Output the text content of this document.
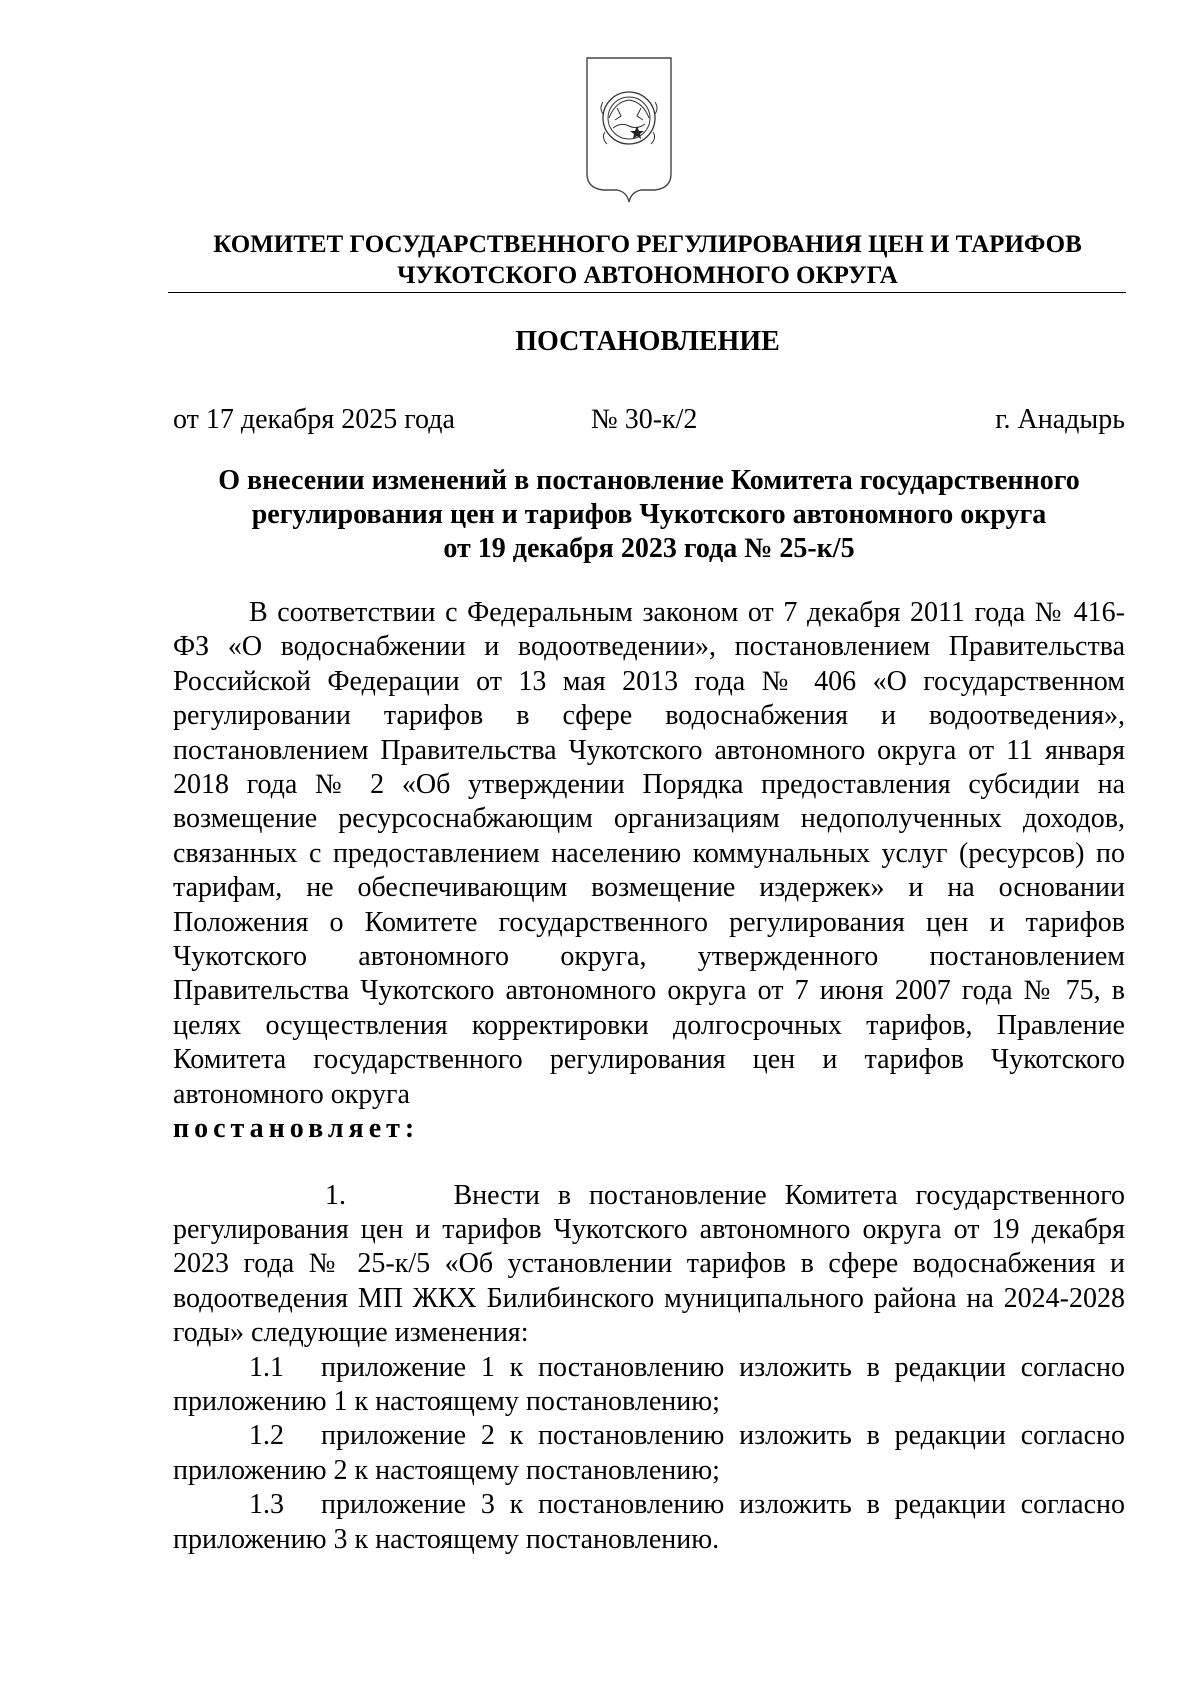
КОМИТЕТ ГОСУДАРСТВЕННОГО РЕГУЛИРОВАНИЯ ЦЕН И ТАРИФОВ
ЧУКОТСКОГО АВТОНОМНОГО ОКРУГА
ПОСТАНОВЛЕНИЕ
от 17 декабря 2025 года	№ 30-к/2	г. Анадырь
О внесении изменений в постановление Комитета государственного
регулирования цен и тарифов Чукотского автономного округа
от 19 декабря 2023 года № 25-к/5

В соответствии с Федеральным законом от 7 декабря 2011 года № 416-ФЗ «О водоснабжении и водоотведении», постановлением Правительства Российской Федерации от 13 мая 2013 года № 406 «О государственном регулировании тарифов в сфере водоснабжения и водоотведения», постановлением Правительства Чукотского автономного округа от 11 января 2018 года № 2 «Об утверждении Порядка предоставления субсидии на возмещение ресурсоснабжающим организациям недополученных доходов, связанных с предоставлением населению коммунальных услуг (ресурсов) по тарифам, не обеспечивающим возмещение издержек» и на основании Положения о Комитете государственного регулирования цен и тарифов Чукотского автономного округа, утвержденного постановлением Правительства Чукотского автономного округа от 7 июня 2007 года № 75, в целях осуществления корректировки долгосрочных тарифов, Правление Комитета государственного регулирования цен и тарифов Чукотского автономного округа

постановляет:

1.	Внести в постановление Комитета государственного регулирования цен и тарифов Чукотского автономного округа от 19 декабря 2023 года № 25-к/5 «Об установлении тарифов в сфере водоснабжения и водоотведения МП ЖКХ Билибинского муниципального района на 2024-2028 годы» следующие изменения:

1.1 приложение 1 к постановлению изложить в редакции согласно приложению 1 к настоящему постановлению;

1.2 приложение 2 к постановлению изложить в редакции согласно приложению 2 к настоящему постановлению;

1.3 приложение 3 к постановлению изложить в редакции согласно приложению 3 к настоящему постановлению.
